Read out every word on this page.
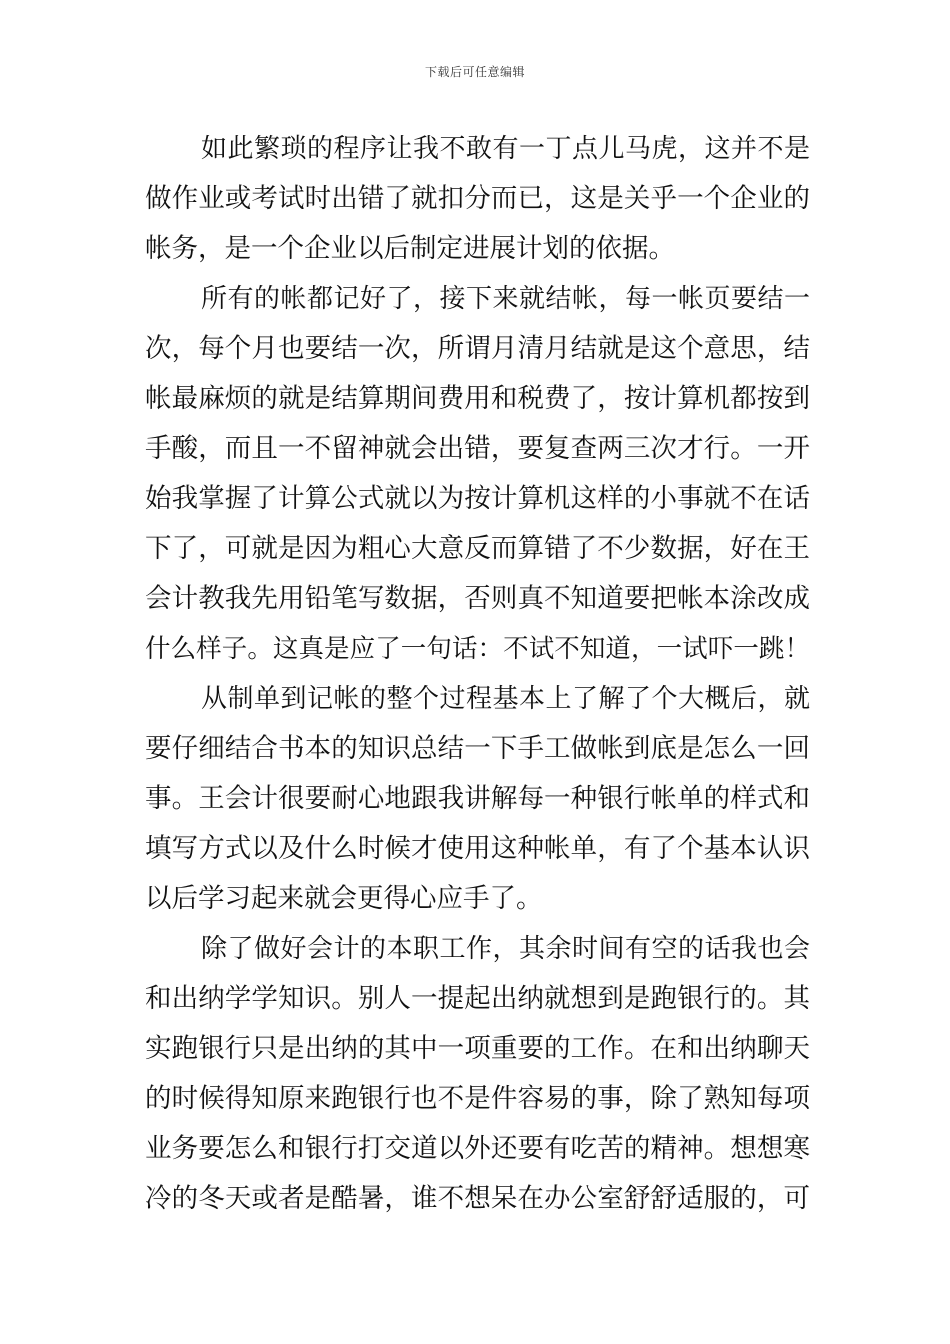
下载后可任意编辑
如此繁琐的程序让我不敢有一丁点儿马虎，这并不是
做作业或考试时出错了就扣分而已，这是关乎一个企业的
帐务，是一个企业以后制定进展计划的依据。
所有的帐都记好了，接下来就结帐，每一帐页要结一
次，每个月也要结一次，所谓月清月结就是这个意思，结
帐最麻烦的就是结算期间费用和税费了，按计算机都按到
手酸，而且一不留神就会出错，要复查两三次才行。一开
始我掌握了计算公式就以为按计算机这样的小事就不在话
下了，可就是因为粗心大意反而算错了不少数据，好在王
会计教我先用铅笔写数据，否则真不知道要把帐本涂改成
什么样子。这真是应了一句话：不试不知道，一试吓一跳！
从制单到记帐的整个过程基本上了解了个大概后，就
要仔细结合书本的知识总结一下手工做帐到底是怎么一回
事。王会计很要耐心地跟我讲解每一种银行帐单的样式和
填写方式以及什么时候才使用这种帐单，有了个基本认识
以后学习起来就会更得心应手了。
除了做好会计的本职工作，其余时间有空的话我也会
和出纳学学知识。别人一提起出纳就想到是跑银行的。其
实跑银行只是出纳的其中一项重要的工作。在和出纳聊天
的时候得知原来跑银行也不是件容易的事，除了熟知每项
业务要怎么和银行打交道以外还要有吃苦的精神。想想寒
冷的冬天或者是酷暑，谁不想呆在办公室舒舒适服的，可
